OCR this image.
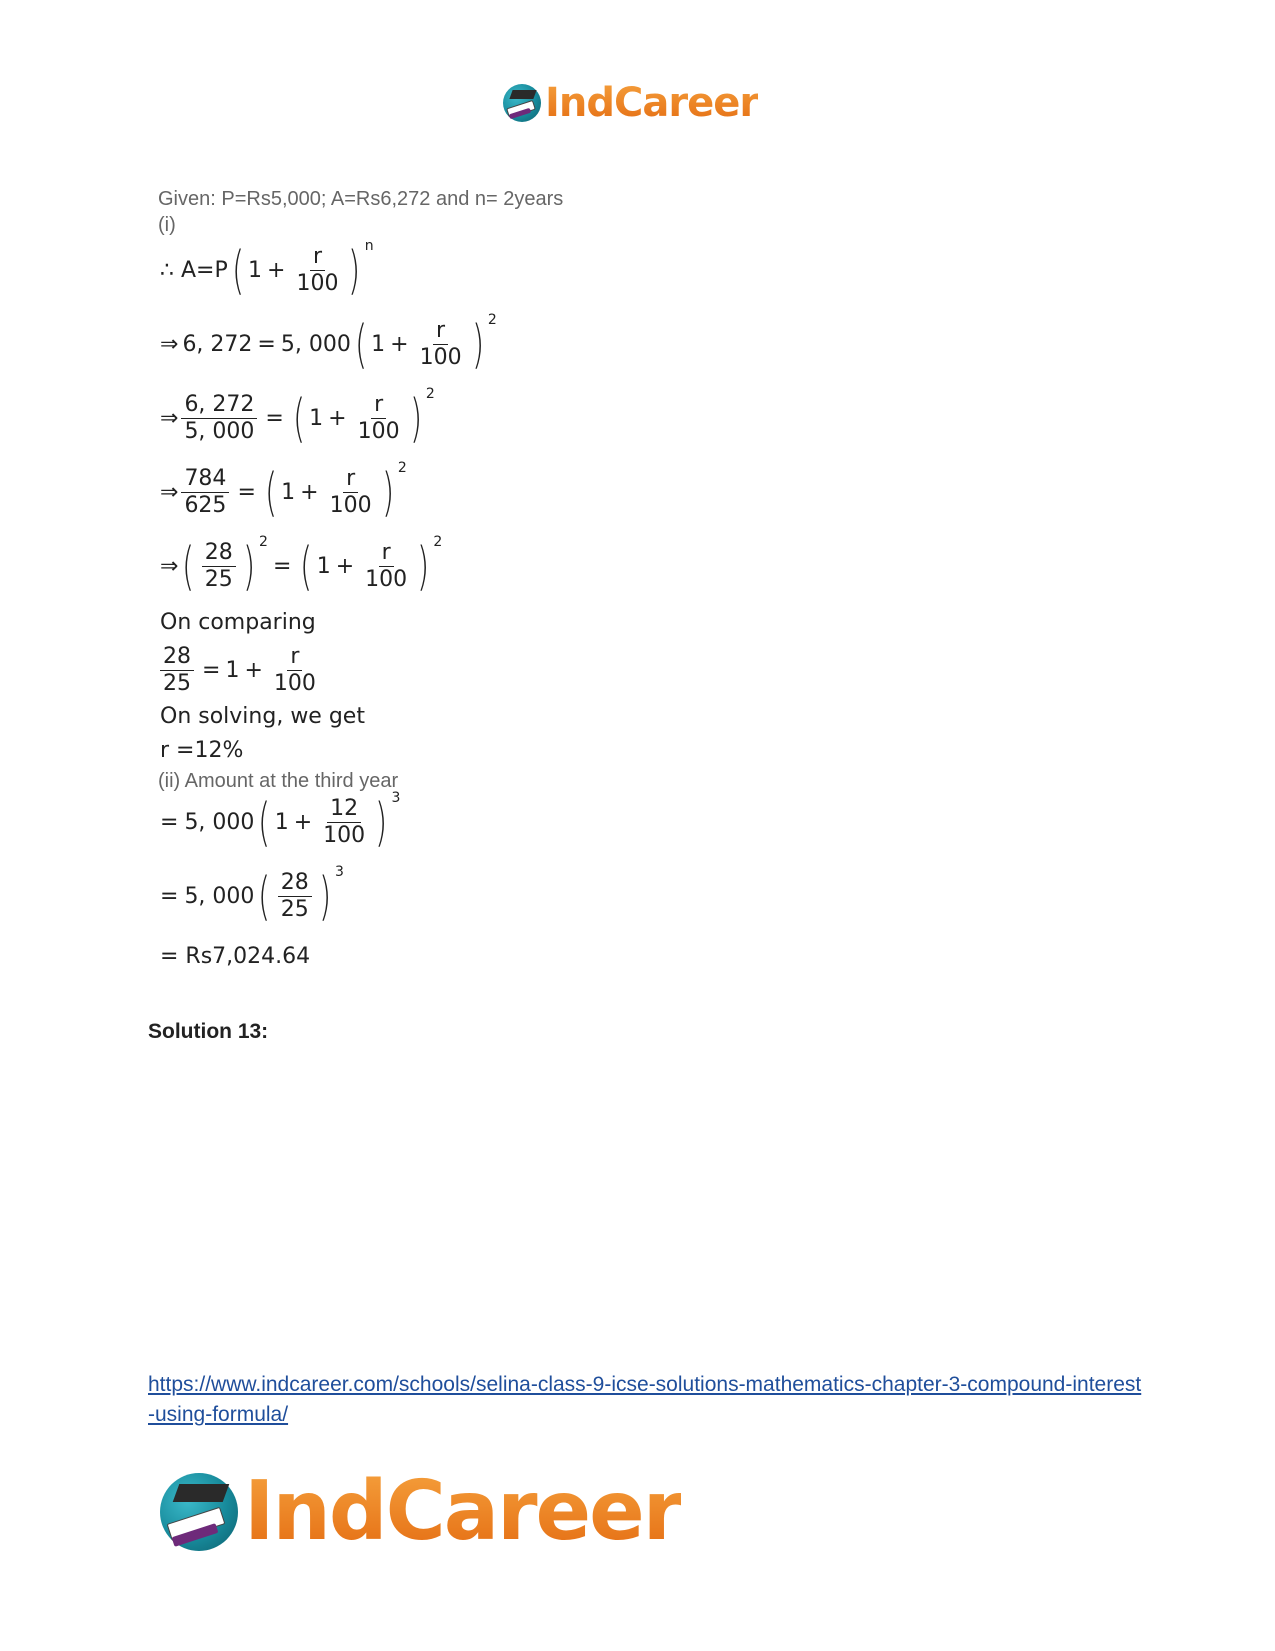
IndCareer
Given: P=Rs5,000; A=Rs6,272 and n= 2years
(i)
∴ A=P ( $1 + \frac{r}{100}$ ) n
⇒ 6, 272 = 5, 000 ( $1 + \frac{r}{100}$ ) 2
⇒ $\frac{6, 272}{5, 000}$ = ( $1 + \frac{r}{100}$ ) 2
⇒ $\frac{784}{625}$ = ( $1 + \frac{r}{100}$ ) 2
⇒ ( $\frac{28}{25}$ ) 2
= ( $1 + \frac{r}{100}$ ) 2
On comparing
$\frac{28}{25} = 1 + \frac{r}{100}$
On solving, we get
r =12%
(ii) Amount at the third year
= 5, 000 ( $1 + \frac{12}{100}$ ) 3
= 5, 000 ( $\frac{28}{25}$ ) 3
= Rs7,024.64
Solution 13:
https://www.indcareer.com/schools/selina-class-9-icse-solutions-mathematics-chapter-3-compound-interest-using-formula/
IndCareer
